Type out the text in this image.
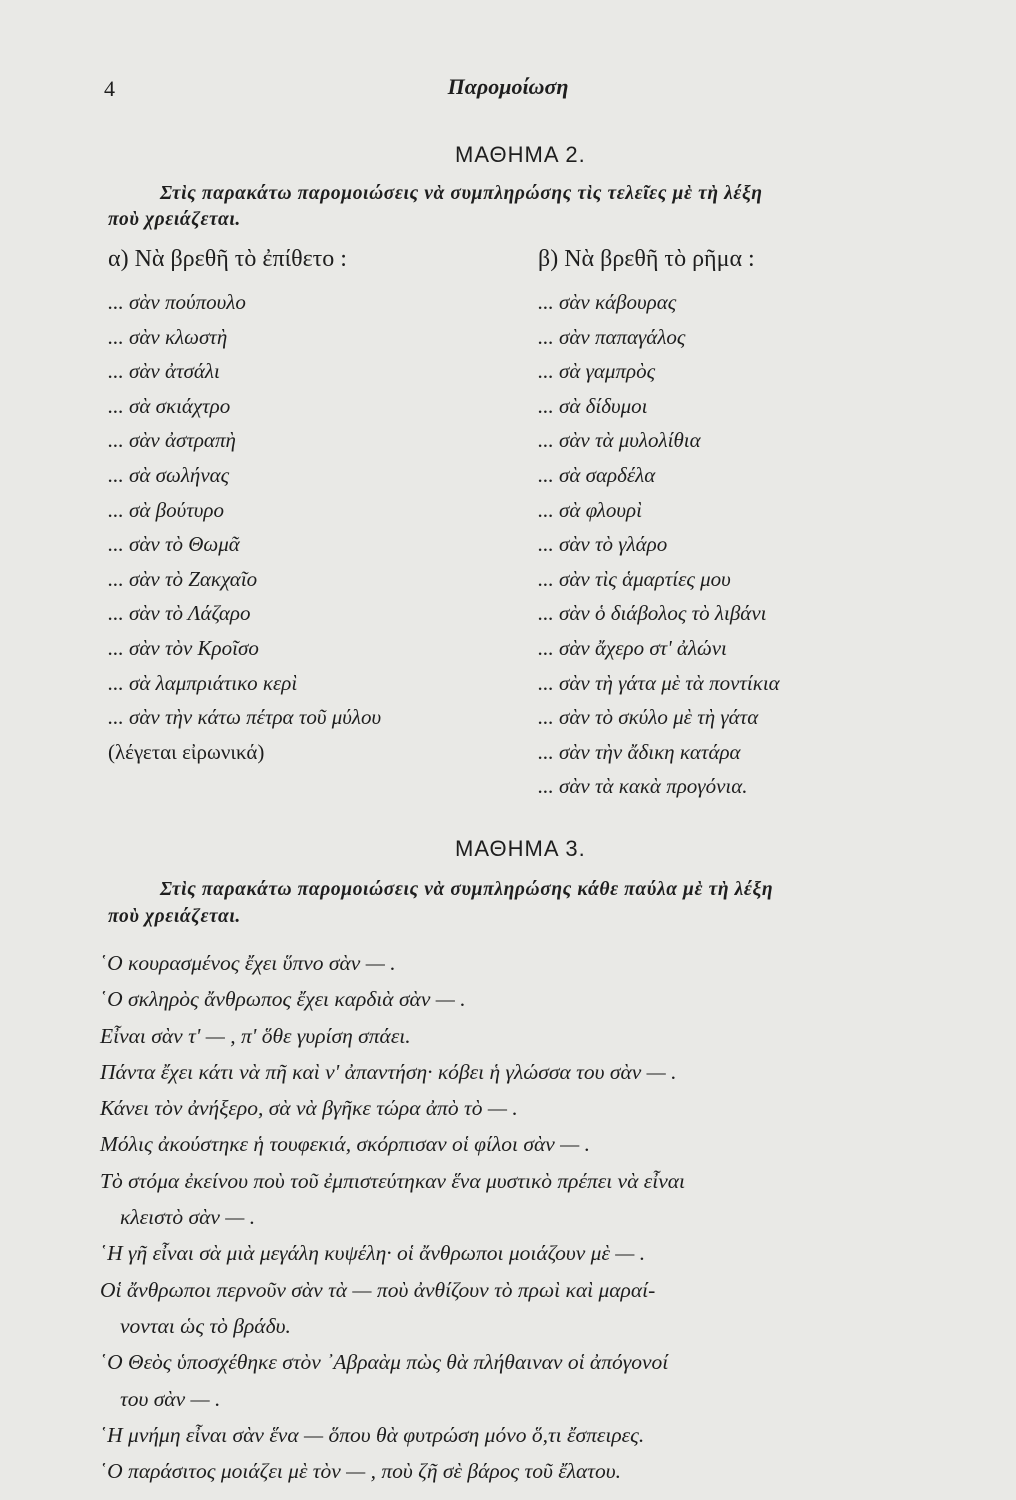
4	Παρομοίωση
ΜΑΘΗΜΑ 2.
Στὶς παρακάτω παρομοιώσεις νὰ συμπληρώσης τὶς τελεῖες μὲ τὴ λέξη
ποὺ χρειάζεται.
α) Νὰ βρεθῆ τὸ ἐπίθετο :	β) Νὰ βρεθῆ τὸ ρῆμα :
... σὰν πούπουλο
... σὰν κλωστὴ
... σὰν ἀτσάλι
... σὰ σκιάχτρο
... σὰν ἀστραπὴ
... σὰ σωλήνας
... σὰ βούτυρο
... σὰν τὸ Θωμᾶ
... σὰν τὸ Ζακχαῖο
... σὰν τὸ Λάζαρο
... σὰν τὸν Κροῖσο
... σὰ λαμπριάτικο κερὶ
... σὰν τὴν κάτω πέτρα τοῦ μύλου
(λέγεται εἰρωνικά)
... σὰν κάβουρας
... σὰν παπαγάλος
... σὰ γαμπρὸς
... σὰ δίδυμοι
... σὰν τὰ μυλολίθια
... σὰ σαρδέλα
... σὰ φλουρὶ
... σὰν τὸ γλάρο
... σὰν τὶς ἁμαρτίες μου
... σὰν ὁ διάβολος τὸ λιβάνι
... σὰν ἄχερο στ' ἀλώνι
... σὰν τὴ γάτα μὲ τὰ ποντίκια
... σὰν τὸ σκύλο μὲ τὴ γάτα
... σὰν τὴν ἄδικη κατάρα
... σὰν τὰ κακὰ προγόνια.
ΜΑΘΗΜΑ 3.
Στὶς παρακάτω παρομοιώσεις νὰ συμπληρώσης κάθε παύλα μὲ τὴ λέξη
ποὺ χρειάζεται.
῾Ο κουρασμένος ἔχει ὕπνο σὰν — .
῾Ο σκληρὸς ἄνθρωπος ἔχει καρδιὰ σὰν — .
Εἶναι σὰν τ' — , π' ὅθε γυρίση σπάει.
Πάντα ἔχει κάτι νὰ πῆ καὶ ν' ἀπαντήση· κόβει ἡ γλώσσα του σὰν — .
Κάνει τὸν ἀνήξερο, σὰ νὰ βγῆκε τώρα ἀπὸ τὸ — .
Μόλις ἀκούστηκε ἡ τουφεκιά, σκόρπισαν οἱ φίλοι σὰν — .
Τὸ στόμα ἐκείνου ποὺ τοῦ ἐμπιστεύτηκαν ἕνα μυστικὸ πρέπει νὰ εἶναι
κλειστὸ σὰν — .
῾Η γῆ εἶναι σὰ μιὰ μεγάλη κυψέλη· οἱ ἄνθρωποι μοιάζουν μὲ — .
Οἱ ἄνθρωποι περνοῦν σὰν τὰ — ποὺ ἀνθίζουν τὸ πρωὶ καὶ μαραί-
νονται ὡς τὸ βράδυ.
῾Ο Θεὸς ὑποσχέθηκε στὸν ᾿Αβραὰμ πὼς θὰ πλήθαιναν οἱ ἀπόγονοί
του σὰν — .
῾Η μνήμη εἶναι σὰν ἕνα — ὅπου θὰ φυτρώση μόνο ὅ,τι ἔσπειρες.
῾Ο παράσιτος μοιάζει μὲ τὸν — , ποὺ ζῆ σὲ βάρος τοῦ ἔλατου.
